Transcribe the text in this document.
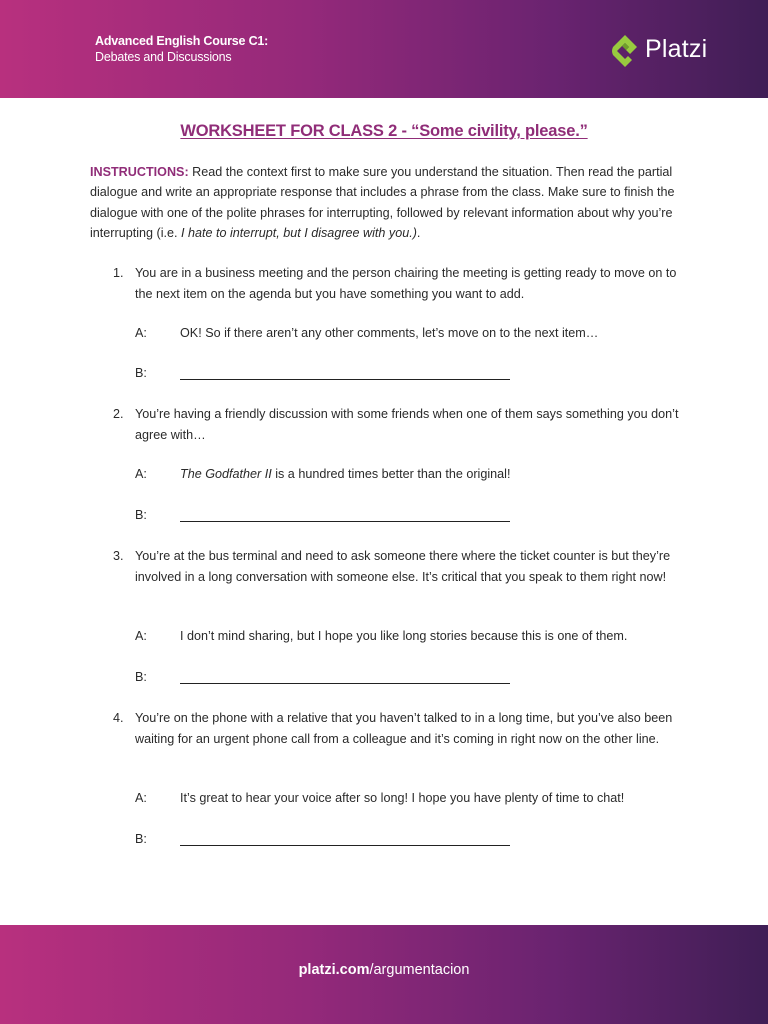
Advanced English Course C1:
Debates and Discussions	Platzi
WORKSHEET FOR CLASS 2 - “Some civility, please.”

INSTRUCTIONS: Read the context first to make sure you understand the situation. Then read the partial dialogue and write an appropriate response that includes a phrase from the class. Make sure to finish the dialogue with one of the polite phrases for interrupting, followed by relevant information about why you’re interrupting (i.e. I hate to interrupt, but I disagree with you.).

1. You are in a business meeting and the person chairing the meeting is getting ready to move on to the next item on the agenda but you have something you want to add.
A:	OK! So if there aren’t any other comments, let’s move on to the next item…
B:
2. You’re having a friendly discussion with some friends when one of them says something you don’t agree with…
A:	The Godfather II is a hundred times better than the original!
B:
3. You’re at the bus terminal and need to ask someone there where the ticket counter is but they’re involved in a long conversation with someone else. It’s critical that you speak to them right now!
A:	I don’t mind sharing, but I hope you like long stories because this is one of them.
B:
4. You’re on the phone with a relative that you haven’t talked to in a long time, but you’ve also been waiting for an urgent phone call from a colleague and it’s coming in right now on the other line.
A:	It’s great to hear your voice after so long! I hope you have plenty of time to chat!
B:
platzi.com/argumentacion
